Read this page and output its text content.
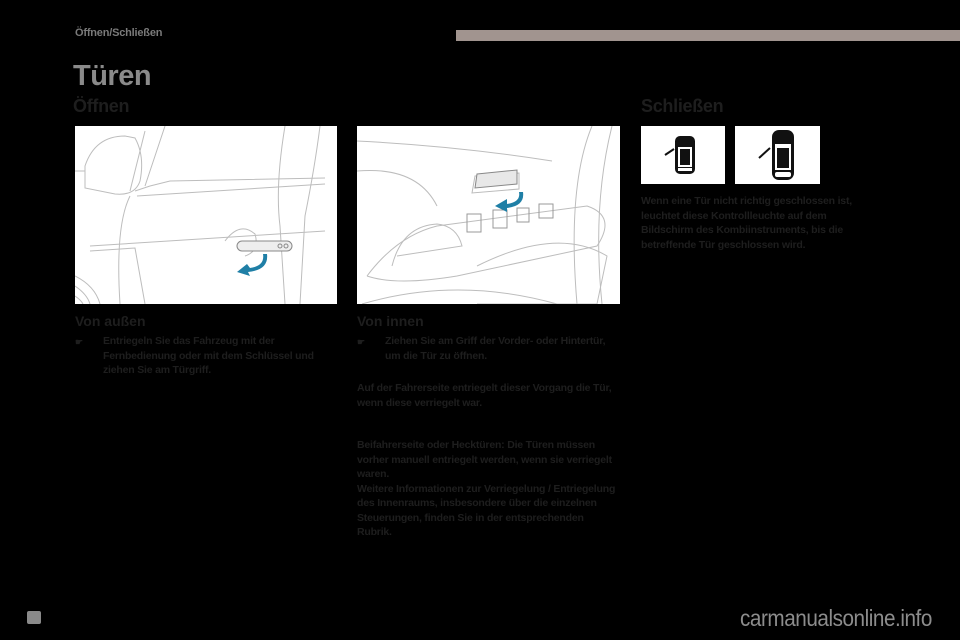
Öffnen/Schließen
Türen
Öffnen	Schließen
Von außen
☛	Entriegeln Sie das Fahrzeug mit der Fernbedienung oder mit dem Schlüssel und ziehen Sie am Türgriff.
Von innen
☛	Ziehen Sie am Griff der Vorder- oder Hintertür, um die Tür zu öffnen.
Auf der Fahrerseite entriegelt dieser Vorgang die Tür, wenn diese verriegelt war.
Beifahrerseite oder Hecktüren: Die Türen müssen vorher manuell entriegelt werden, wenn sie verriegelt waren.
Weitere Informationen zur Verriegelung / Entriegelung des Innenraums, insbesondere über die einzelnen Steuerungen, finden Sie in der entsprechenden Rubrik.
Wenn eine Tür nicht richtig geschlossen ist, leuchtet diese Kontrollleuchte auf dem Bildschirm des Kombiinstruments, bis die betreffende Tür geschlossen wird.
6	carmanualsonline.info
